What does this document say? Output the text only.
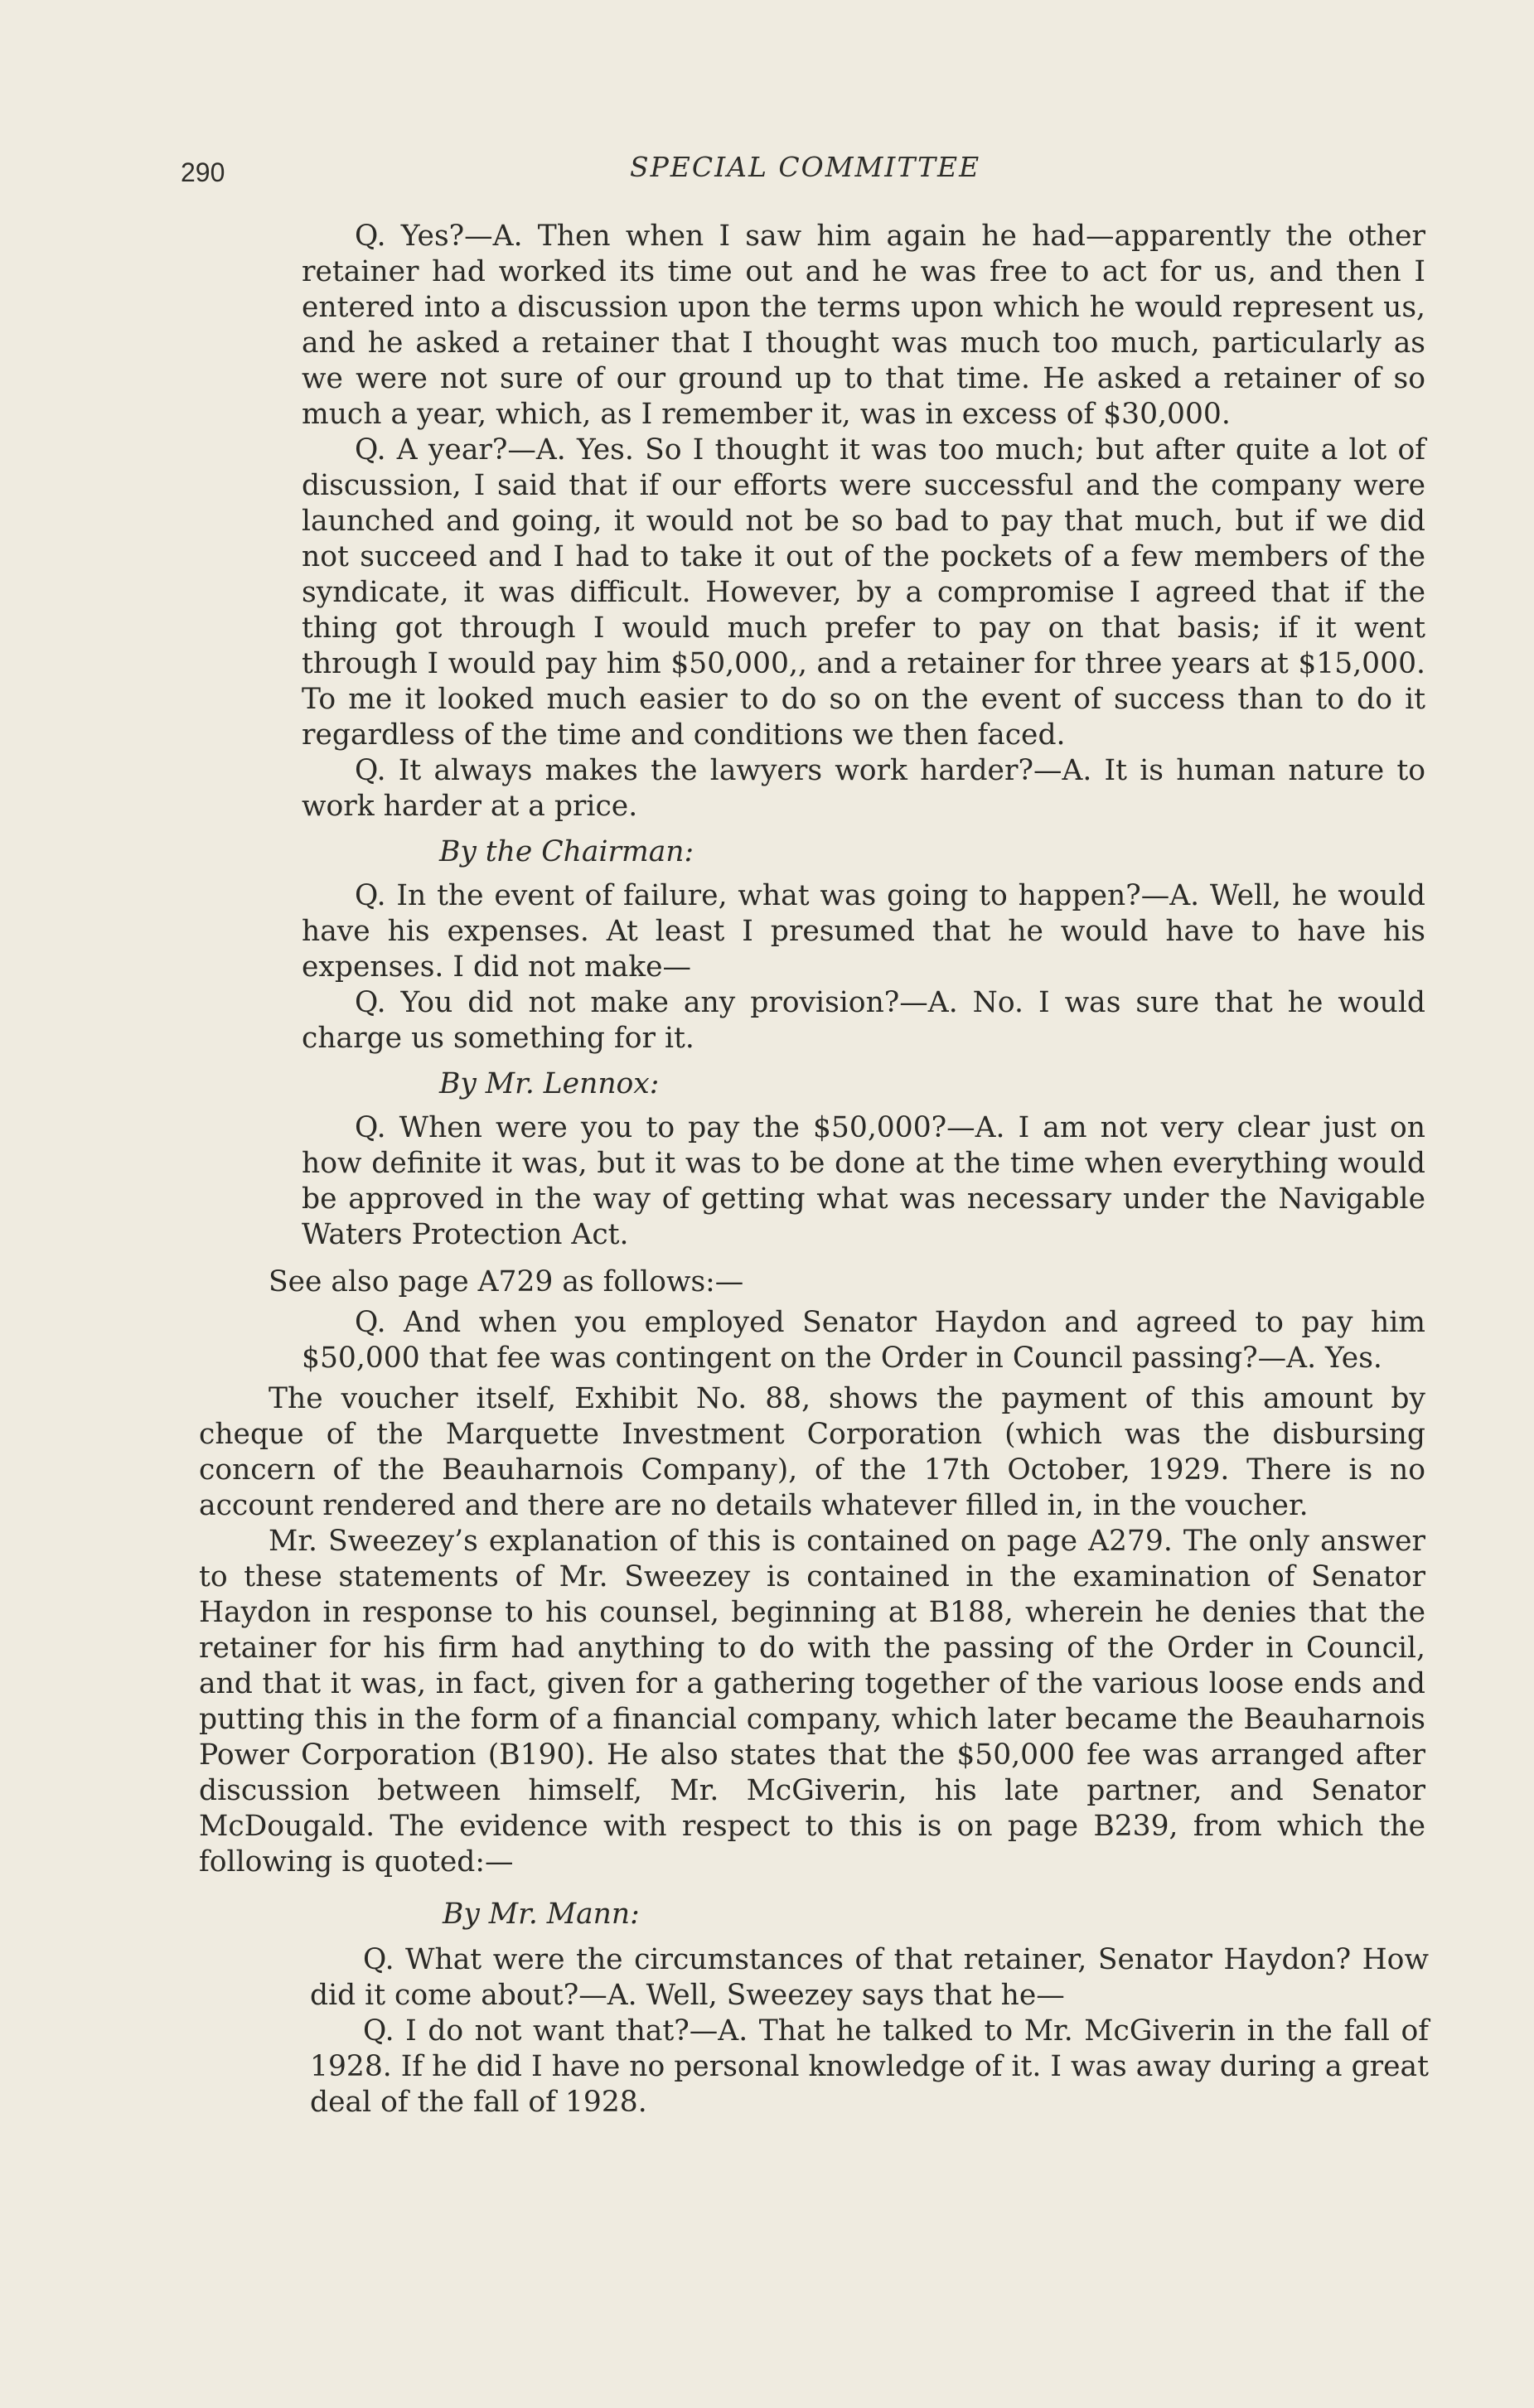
290	SPECIAL COMMITTEE

Q. Yes?—A. Then when I saw him again he had—apparently the other retainer had worked its time out and he was free to act for us, and then I entered into a discussion upon the terms upon which he would represent us, and he asked a retainer that I thought was much too much, particularly as we were not sure of our ground up to that time. He asked a retainer of so much a year, which, as I remember it, was in excess of $30,000.

Q. A year?—A. Yes. So I thought it was too much; but after quite a lot of discussion, I said that if our efforts were successful and the company were launched and going, it would not be so bad to pay that much, but if we did not succeed and I had to take it out of the pockets of a few members of the syndicate, it was difficult. However, by a compromise I agreed that if the thing got through I would much prefer to pay on that basis; if it went through I would pay him $50,000,, and a retainer for three years at $15,000. To me it looked much easier to do so on the event of success than to do it regardless of the time and conditions we then faced.

Q. It always makes the lawyers work harder?—A. It is human nature to work harder at a price.

By the Chairman:

Q. In the event of failure, what was going to happen?—A. Well, he would have his expenses. At least I presumed that he would have to have his expenses. I did not make—

Q. You did not make any provision?—A. No. I was sure that he would charge us something for it.

By Mr. Lennox:

Q. When were you to pay the $50,000?—A. I am not very clear just on how definite it was, but it was to be done at the time when everything would be approved in the way of getting what was necessary under the Navigable Waters Protection Act.

See also page A729 as follows:—

Q. And when you employed Senator Haydon and agreed to pay him $50,000 that fee was contingent on the Order in Council passing?—A. Yes.

The voucher itself, Exhibit No. 88, shows the payment of this amount by cheque of the Marquette Investment Corporation (which was the disbursing concern of the Beauharnois Company), of the 17th October, 1929. There is no account rendered and there are no details whatever filled in, in the voucher.

Mr. Sweezey’s explanation of this is contained on page A279. The only answer to these statements of Mr. Sweezey is contained in the examination of Senator Haydon in response to his counsel, beginning at B188, wherein he denies that the retainer for his firm had anything to do with the passing of the Order in Council, and that it was, in fact, given for a gathering together of the various loose ends and putting this in the form of a financial company, which later became the Beauharnois Power Corporation (B190). He also states that the $50,000 fee was arranged after discussion between himself, Mr. McGiverin, his late partner, and Senator McDougald. The evidence with respect to this is on page B239, from which the following is quoted:—

By Mr. Mann:

Q. What were the circumstances of that retainer, Senator Haydon? How did it come about?—A. Well, Sweezey says that he—

Q. I do not want that?—A. That he talked to Mr. McGiverin in the fall of 1928. If he did I have no personal knowledge of it. I was away during a great deal of the fall of 1928.
